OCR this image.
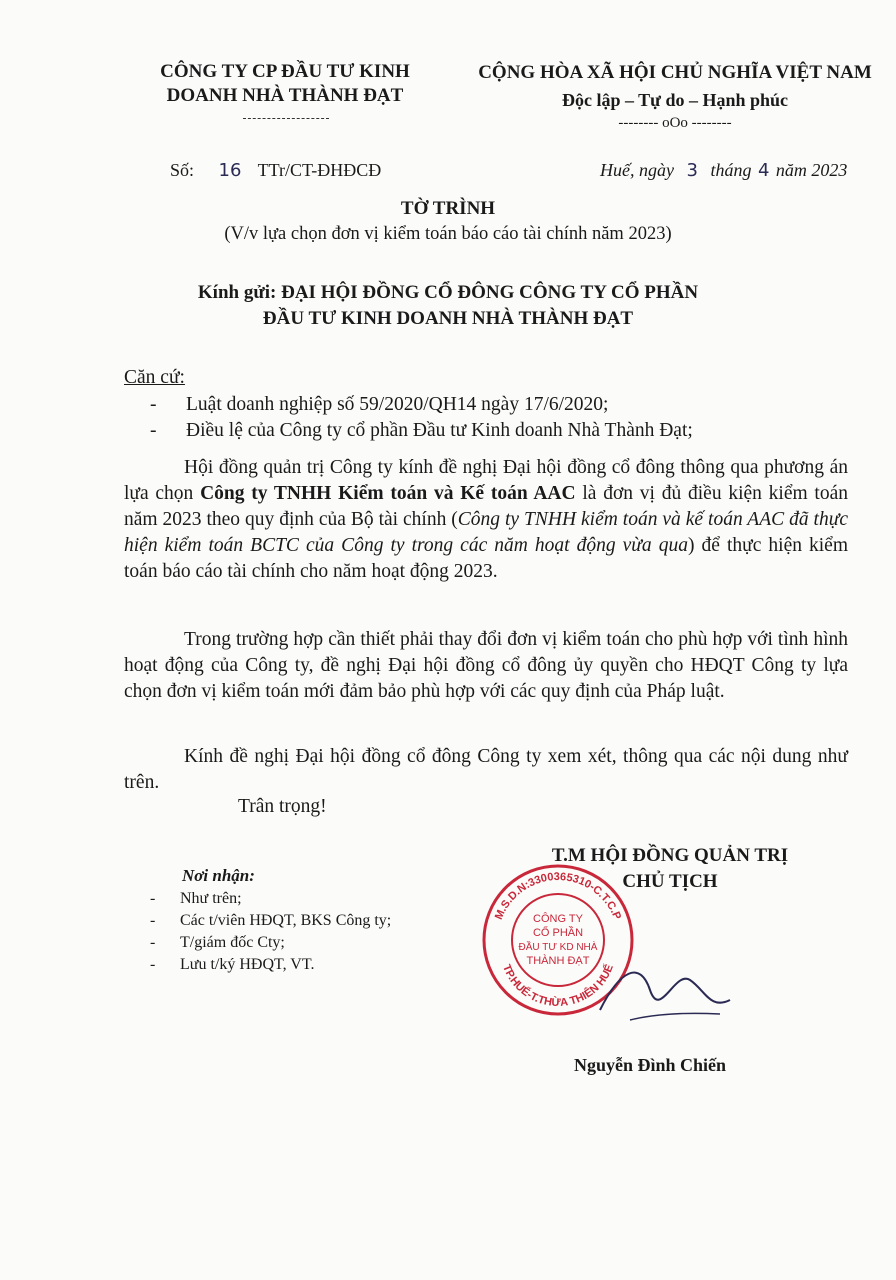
CÔNG TY CP ĐẦU TƯ KINH
DOANH NHÀ THÀNH ĐẠT
CỘNG HÒA XÃ HỘI CHỦ NGHĨA VIỆT NAM
Độc lập – Tự do – Hạnh phúc
-------- oOo --------
Số: 16 TTr/CT-ĐHĐCĐ	Huế, ngày 3 tháng 4 năm 2023
TỜ TRÌNH
(V/v lựa chọn đơn vị kiểm toán báo cáo tài chính năm 2023)
Kính gửi: ĐẠI HỘI ĐỒNG CỔ ĐÔNG CÔNG TY CỔ PHẦN
ĐẦU TƯ KINH DOANH NHÀ THÀNH ĐẠT
Căn cứ:
- Luật doanh nghiệp số 59/2020/QH14 ngày 17/6/2020;
- Điều lệ của Công ty cổ phần Đầu tư Kinh doanh Nhà Thành Đạt;
Hội đồng quản trị Công ty kính đề nghị Đại hội đồng cổ đông thông qua phương án lựa chọn Công ty TNHH Kiểm toán và Kế toán AAC là đơn vị đủ điều kiện kiểm toán năm 2023 theo quy định của Bộ tài chính (Công ty TNHH kiểm toán và kế toán AAC đã thực hiện kiểm toán BCTC của Công ty trong các năm hoạt động vừa qua) để thực hiện kiểm toán báo cáo tài chính cho năm hoạt động 2023.
Trong trường hợp cần thiết phải thay đổi đơn vị kiểm toán cho phù hợp với tình hình hoạt động của Công ty, đề nghị Đại hội đồng cổ đông ủy quyền cho HĐQT Công ty lựa chọn đơn vị kiểm toán mới đảm bảo phù hợp với các quy định của Pháp luật.
Kính đề nghị Đại hội đồng cổ đông Công ty xem xét, thông qua các nội dung như trên.
Trân trọng!
Nơi nhận:
- Như trên;
- Các t/viên HĐQT, BKS Công ty;
- T/giám đốc Cty;
- Lưu t/ký HĐQT, VT.
T.M HỘI ĐỒNG QUẢN TRỊ
CHỦ TỊCH
M.S.D.N:3300365310-C.T.C.P
TP.HUẾ-T.THỪA THIÊN HUẾ
CÔNG TY
CỔ PHẦN
ĐẦU TƯ KD NHÀ
THÀNH ĐẠT
Nguyễn Đình Chiến
